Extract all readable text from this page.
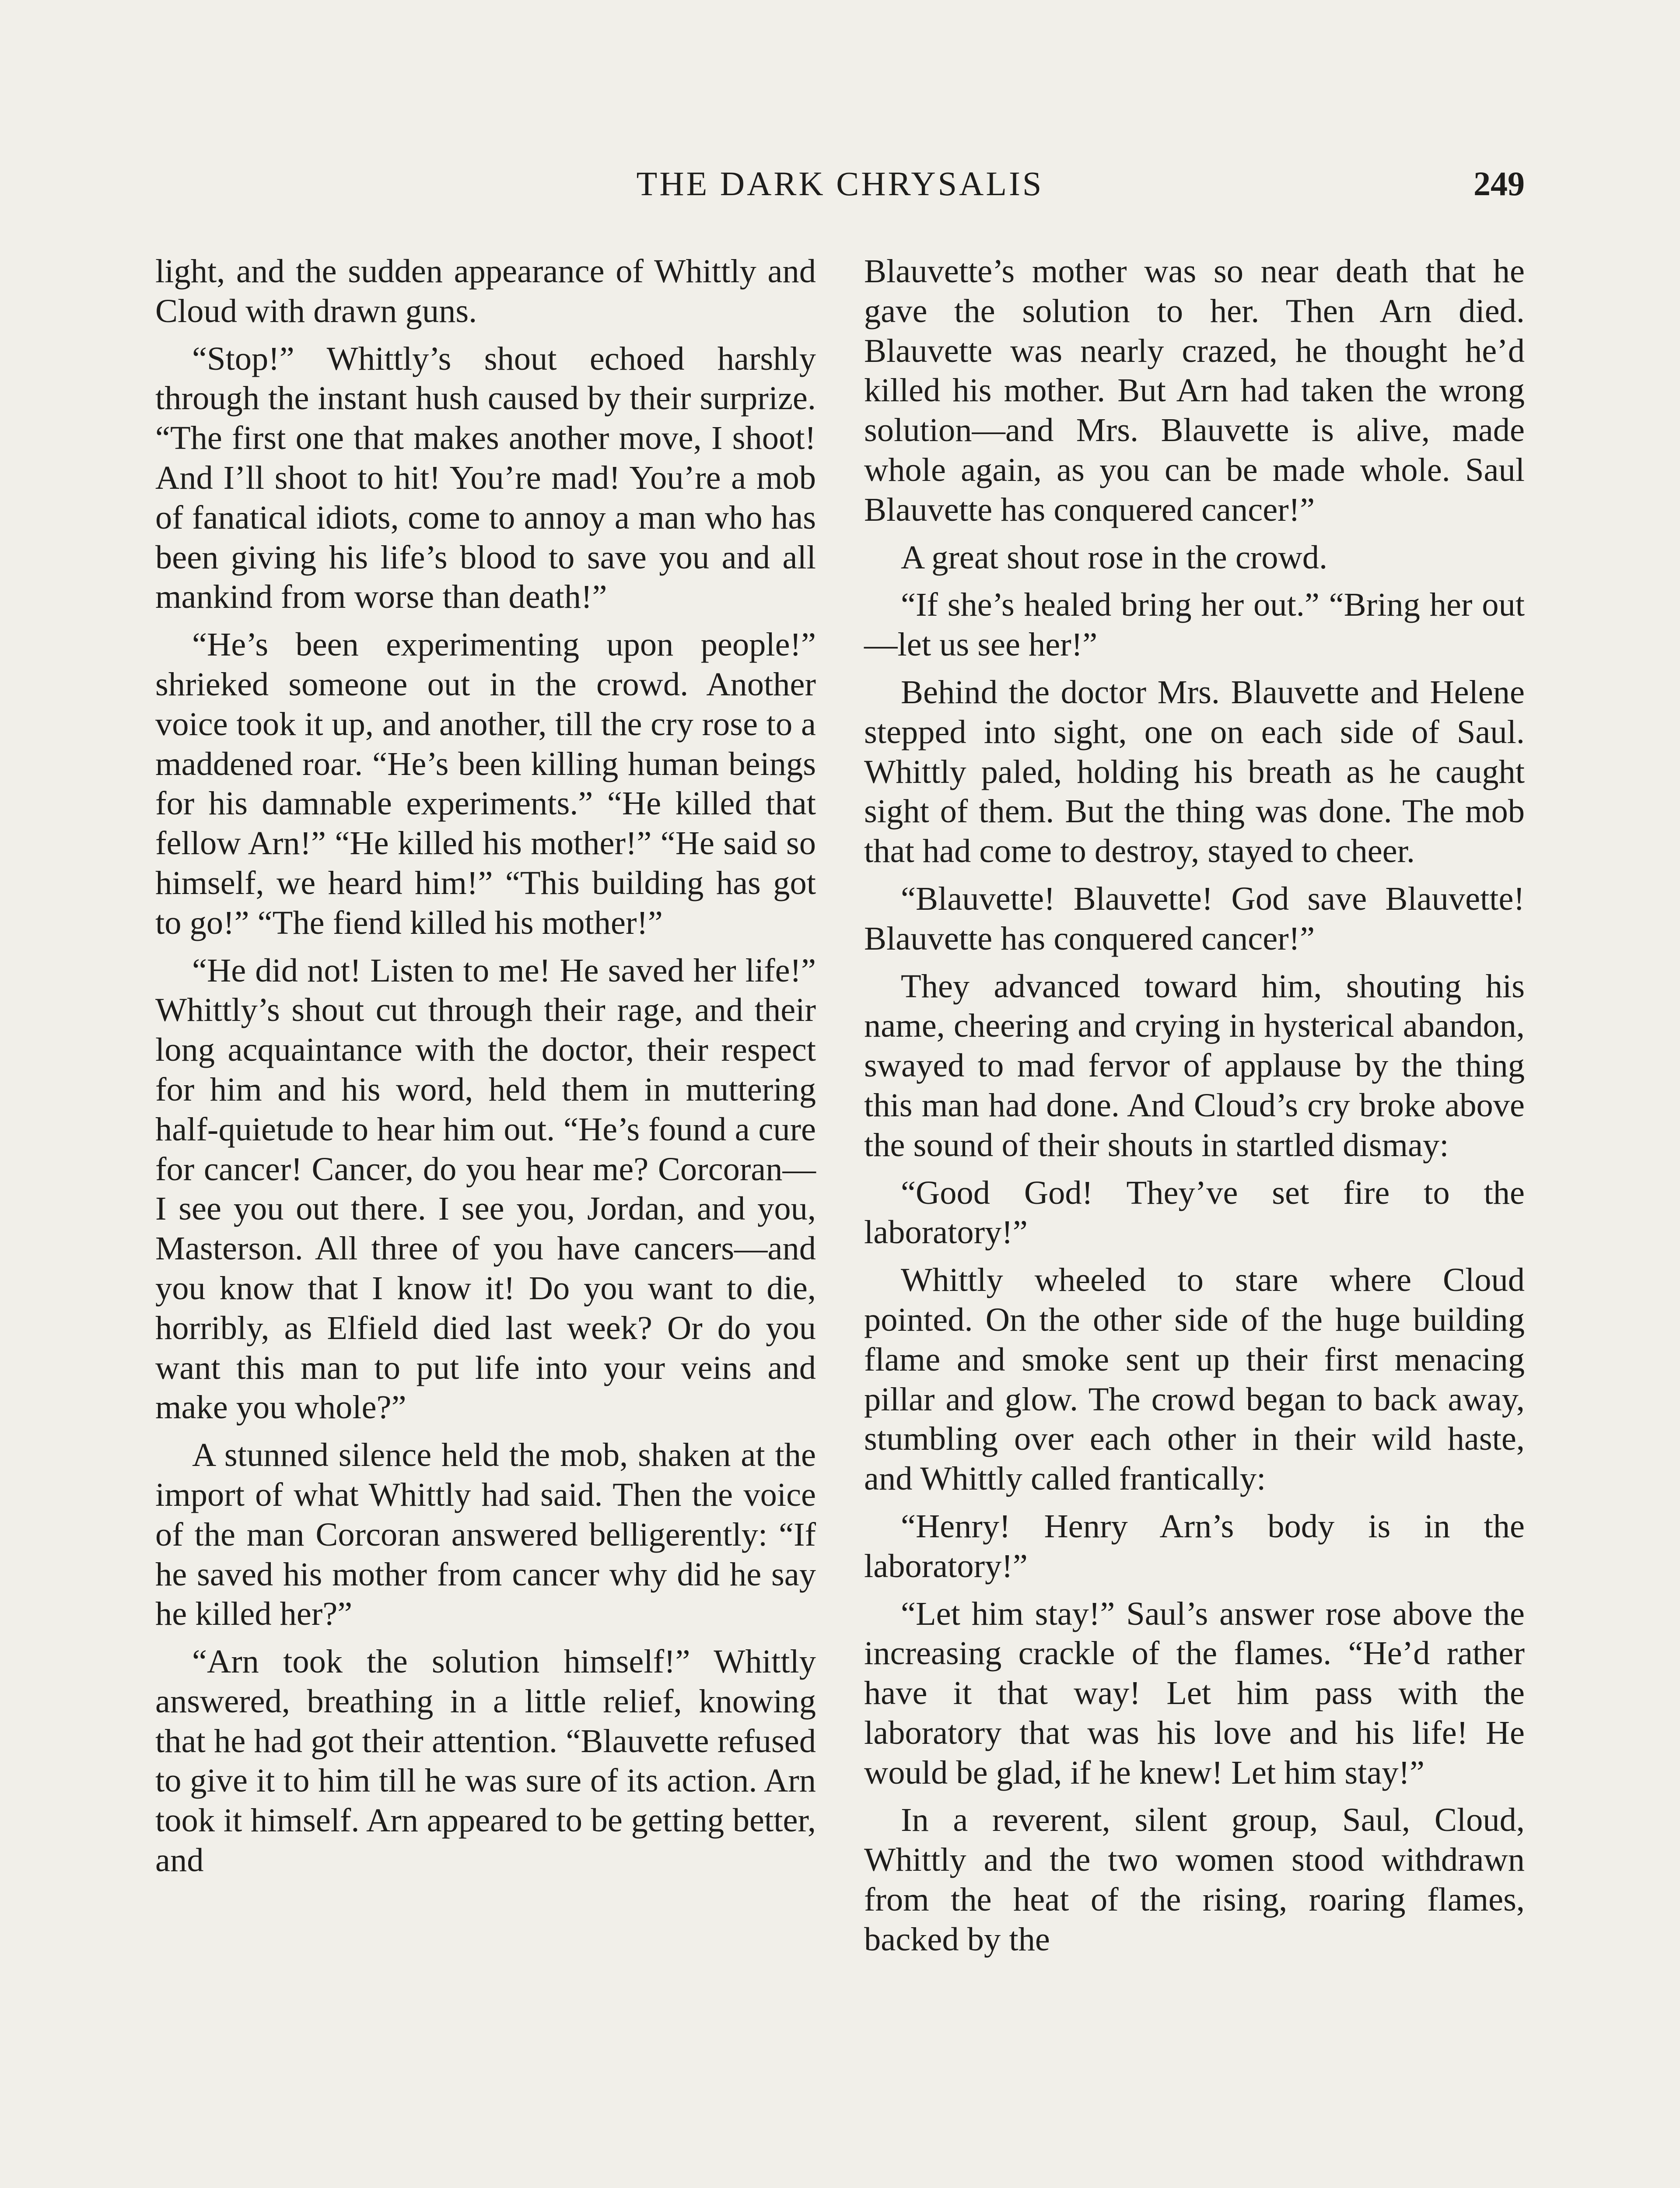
THE DARK CHRYSALIS	249

light, and the sudden appearance of Whittly and Cloud with drawn guns.

“Stop!” Whittly’s shout echoed harshly through the instant hush caused by their surprize. “The first one that makes another move, I shoot! And I’ll shoot to hit! You’re mad! You’re a mob of fanatical idiots, come to annoy a man who has been giving his life’s blood to save you and all mankind from worse than death!”

“He’s been experimenting upon people!” shrieked someone out in the crowd. Another voice took it up, and another, till the cry rose to a maddened roar. “He’s been killing human beings for his damnable experiments.” “He killed that fellow Arn!” “He killed his mother!” “He said so himself, we heard him!” “This building has got to go!” “The fiend killed his mother!”

“He did not! Listen to me! He saved her life!” Whittly’s shout cut through their rage, and their long acquaintance with the doctor, their respect for him and his word, held them in muttering half-quietude to hear him out. “He’s found a cure for cancer! Cancer, do you hear me? Corcoran—I see you out there. I see you, Jordan, and you, Masterson. All three of you have cancers—and you know that I know it! Do you want to die, horribly, as Elfield died last week? Or do you want this man to put life into your veins and make you whole?”

A stunned silence held the mob, shaken at the import of what Whittly had said. Then the voice of the man Corcoran answered belligerently: “If he saved his mother from cancer why did he say he killed her?”

“Arn took the solution himself!” Whittly answered, breathing in a little relief, knowing that he had got their attention. “Blauvette refused to give it to him till he was sure of its action. Arn took it himself. Arn appeared to be getting better, and

Blauvette’s mother was so near death that he gave the solution to her. Then Arn died. Blauvette was nearly crazed, he thought he’d killed his mother. But Arn had taken the wrong solution—and Mrs. Blauvette is alive, made whole again, as you can be made whole. Saul Blauvette has conquered cancer!”

A great shout rose in the crowd.

“If she’s healed bring her out.” “Bring her out—let us see her!”

Behind the doctor Mrs. Blauvette and Helene stepped into sight, one on each side of Saul. Whittly paled, holding his breath as he caught sight of them. But the thing was done. The mob that had come to destroy, stayed to cheer.

“Blauvette! Blauvette! God save Blauvette! Blauvette has conquered cancer!”

They advanced toward him, shouting his name, cheering and crying in hysterical abandon, swayed to mad fervor of applause by the thing this man had done. And Cloud’s cry broke above the sound of their shouts in startled dismay:

“Good God! They’ve set fire to the laboratory!”

Whittly wheeled to stare where Cloud pointed. On the other side of the huge building flame and smoke sent up their first menacing pillar and glow. The crowd began to back away, stumbling over each other in their wild haste, and Whittly called frantically:

“Henry! Henry Arn’s body is in the laboratory!”

“Let him stay!” Saul’s answer rose above the increasing crackle of the flames. “He’d rather have it that way! Let him pass with the laboratory that was his love and his life! He would be glad, if he knew! Let him stay!”

In a reverent, silent group, Saul, Cloud, Whittly and the two women stood withdrawn from the heat of the rising, roaring flames, backed by the
